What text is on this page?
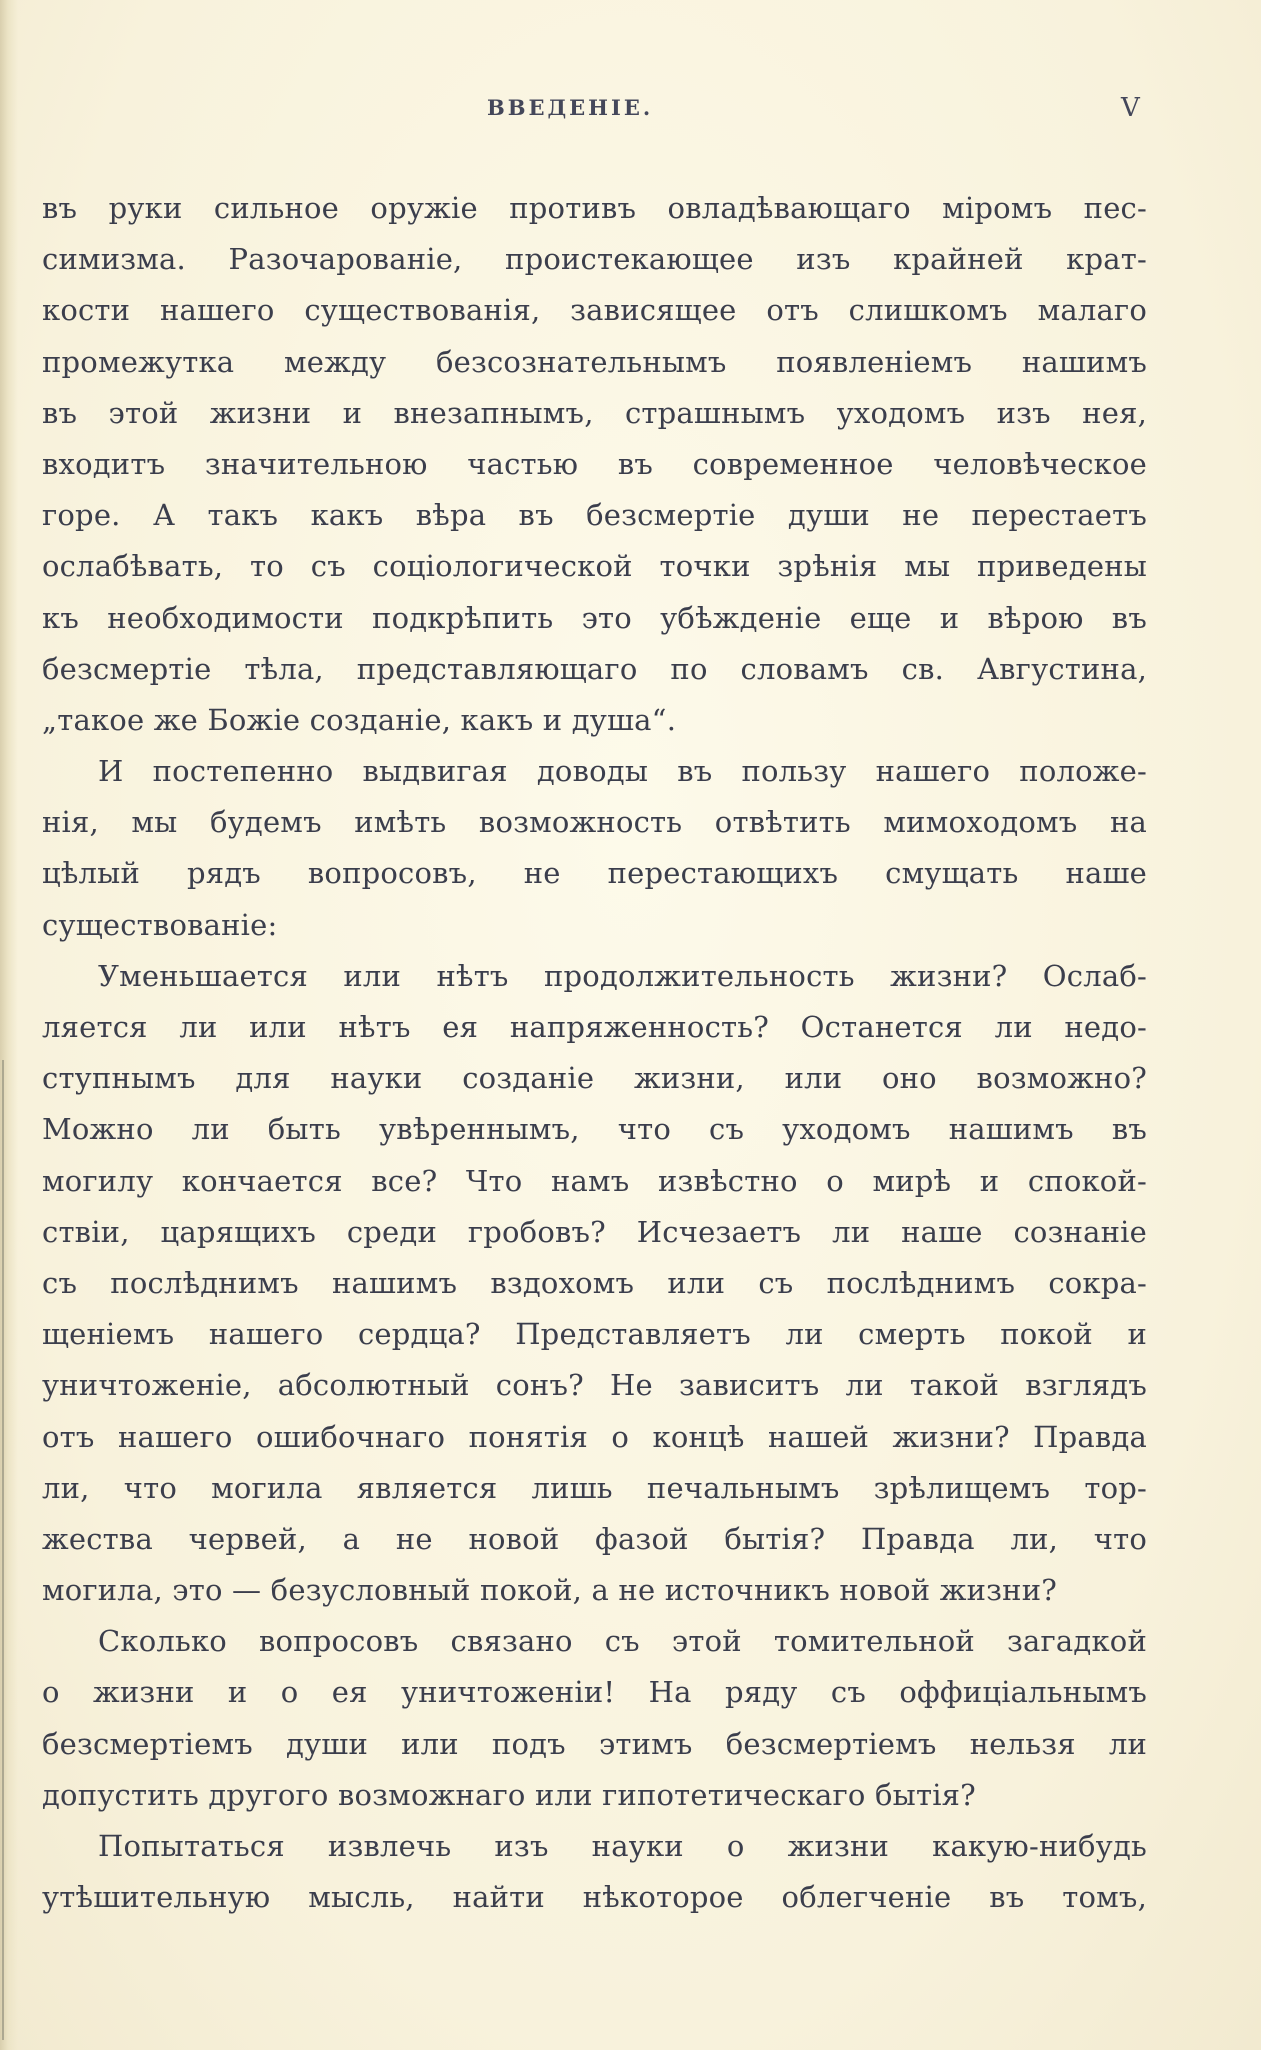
ВВЕДЕНІЕ.	V
въ руки сильное оружіе противъ овладѣвающаго міромъ пес-
симизма. Разочарованіе, проистекающее изъ крайней крат-
кости нашего существованія, зависящее отъ слишкомъ малаго
промежутка между безсознательнымъ появленіемъ нашимъ
въ этой жизни и внезапнымъ, страшнымъ уходомъ изъ нея,
входитъ значительною частью въ современное человѣческое
горе. А такъ какъ вѣра въ безсмертіе души не перестаетъ
ослабѣвать, то съ соціологической точки зрѣнія мы приведены
къ необходимости подкрѣпить это убѣжденіе еще и вѣрою въ
безсмертіе тѣла, представляющаго по словамъ св. Августина,
„такое же Божіе созданіе, какъ и душа“.
И постепенно выдвигая доводы въ пользу нашего положе-
нія, мы будемъ имѣть возможность отвѣтить мимоходомъ на
цѣлый рядъ вопросовъ, не перестающихъ смущать наше
существованіе:
Уменьшается или нѣтъ продолжительность жизни? Ослаб-
ляется ли или нѣтъ ея напряженность? Останется ли недо-
ступнымъ для науки созданіе жизни, или оно возможно?
Можно ли быть увѣреннымъ, что съ уходомъ нашимъ въ
могилу кончается все? Что намъ извѣстно о мирѣ и спокой-
ствіи, царящихъ среди гробовъ? Исчезаетъ ли наше сознаніе
съ послѣднимъ нашимъ вздохомъ или съ послѣднимъ сокра-
щеніемъ нашего сердца? Представляетъ ли смерть покой и
уничтоженіе, абсолютный сонъ? Не зависитъ ли такой взглядъ
отъ нашего ошибочнаго понятія о концѣ нашей жизни? Правда
ли, что могила является лишь печальнымъ зрѣлищемъ тор-
жества червей, а не новой фазой бытія? Правда ли, что
могила, это — безусловный покой, а не источникъ новой жизни?
Сколько вопросовъ связано съ этой томительной загадкой
о жизни и о ея уничтоженіи! На ряду съ оффиціальнымъ
безсмертіемъ души или подъ этимъ безсмертіемъ нельзя ли
допустить другого возможнаго или гипотетическаго бытія?
Попытаться извлечь изъ науки о жизни какую-нибудь
утѣшительную мысль, найти нѣкоторое облегченіе въ томъ,
